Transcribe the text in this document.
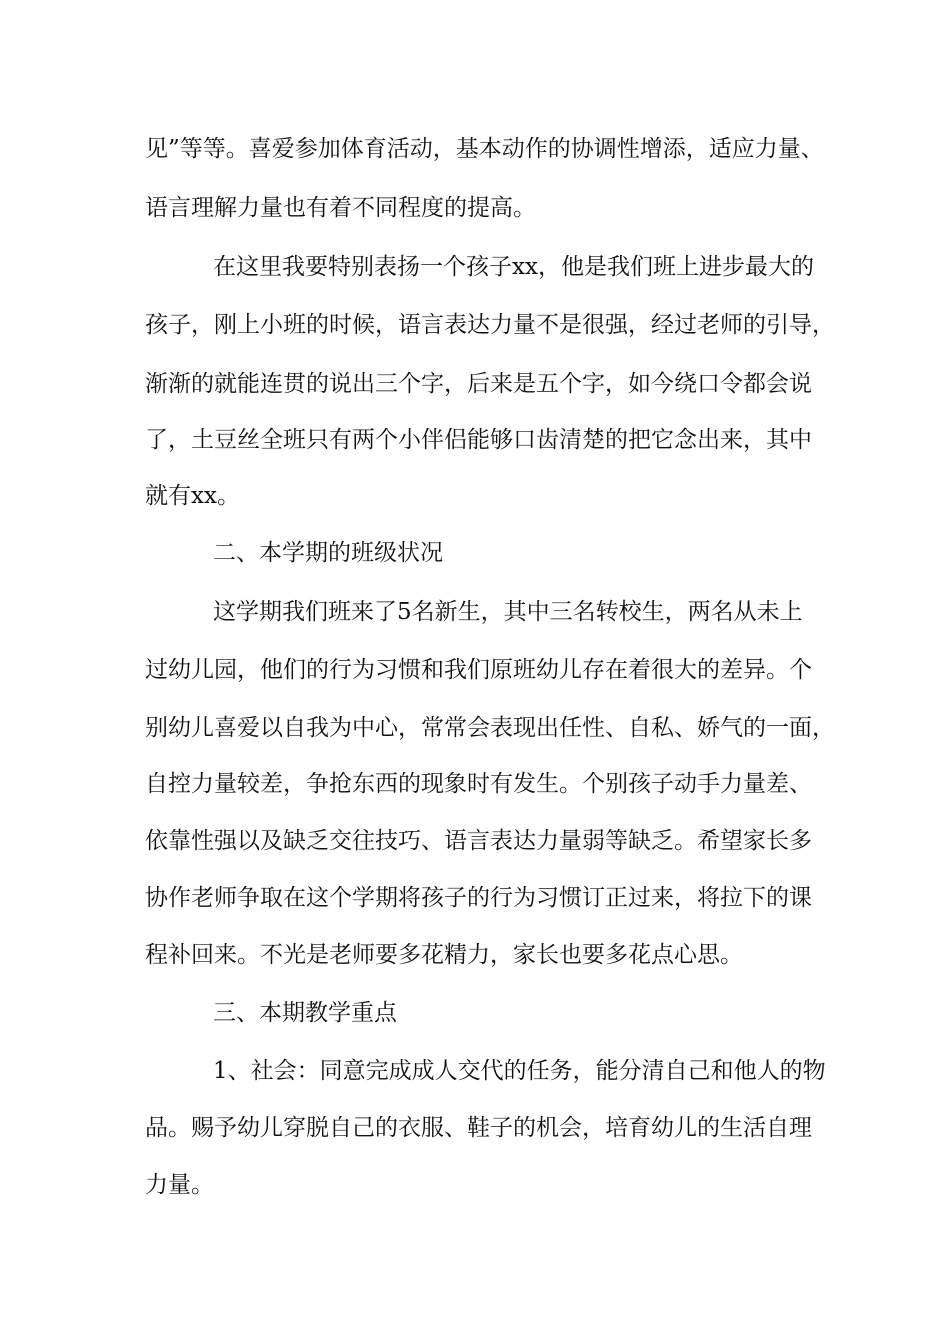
见”等等。喜爱参加体育活动，基本动作的协调性增添，适应力量、
语言理解力量也有着不同程度的提高。
在这里我要特别表扬一个孩子xx，他是我们班上进步最大的
孩子，刚上小班的时候，语言表达力量不是很强，经过老师的引导，
渐渐的就能连贯的说出三个字，后来是五个字，如今绕口令都会说
了，土豆丝全班只有两个小伴侣能够口齿清楚的把它念出来，其中
就有xx。
二、本学期的班级状况
这学期我们班来了5名新生，其中三名转校生，两名从未上
过幼儿园，他们的行为习惯和我们原班幼儿存在着很大的差异。个
别幼儿喜爱以自我为中心，常常会表现出任性、自私、娇气的一面，
自控力量较差，争抢东西的现象时有发生。个别孩子动手力量差、
依靠性强以及缺乏交往技巧、语言表达力量弱等缺乏。希望家长多
协作老师争取在这个学期将孩子的行为习惯订正过来，将拉下的课
程补回来。不光是老师要多花精力，家长也要多花点心思。
三、本期教学重点
1、社会：同意完成成人交代的任务，能分清自己和他人的物
品。赐予幼儿穿脱自己的衣服、鞋子的机会，培育幼儿的生活自理
力量。
